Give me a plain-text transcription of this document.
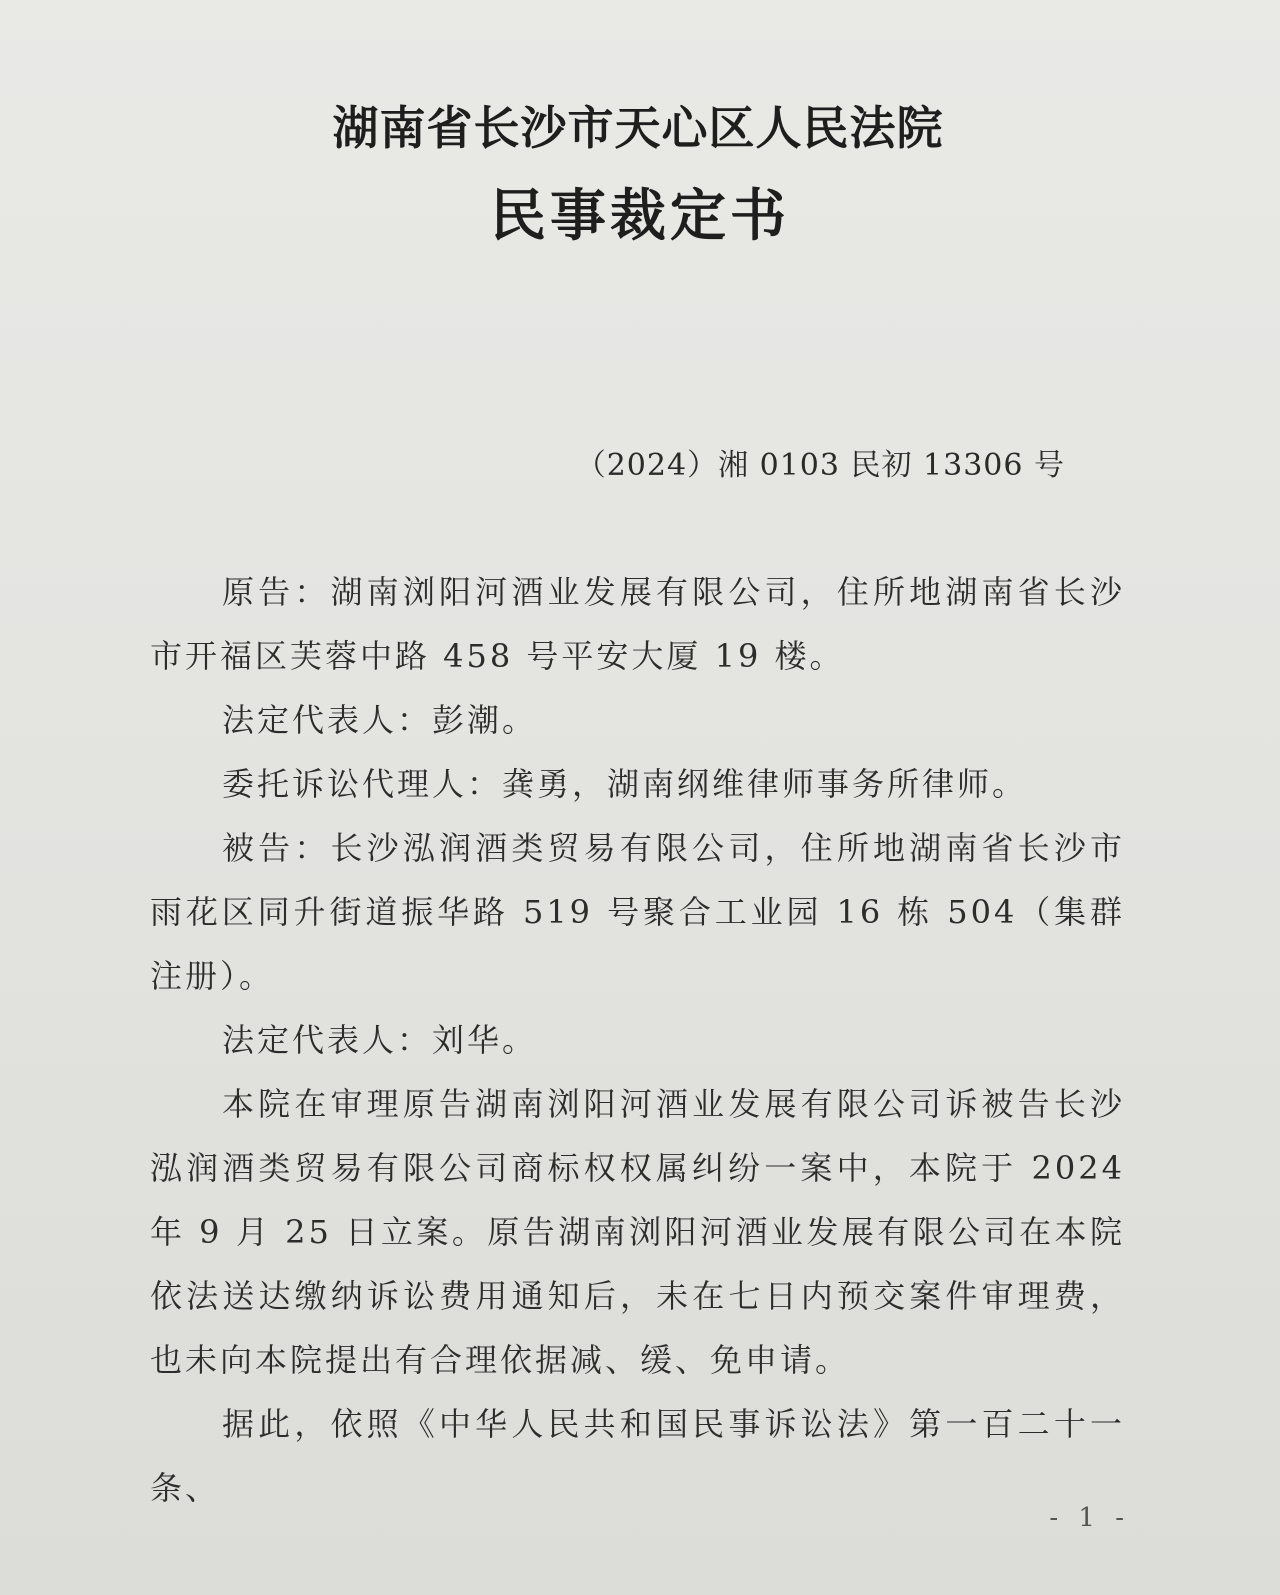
湖南省长沙市天心区人民法院
民事裁定书
（2024）湘 0103 民初 13306 号

原告：湖南浏阳河酒业发展有限公司，住所地湖南省长沙市开福区芙蓉中路 458 号平安大厦 19 楼。

法定代表人：彭潮。

委托诉讼代理人：龚勇，湖南纲维律师事务所律师。

被告：长沙泓润酒类贸易有限公司，住所地湖南省长沙市雨花区同升街道振华路 519 号聚合工业园 16 栋 504（集群注册）。

法定代表人：刘华。

本院在审理原告湖南浏阳河酒业发展有限公司诉被告长沙泓润酒类贸易有限公司商标权权属纠纷一案中，本院于 2024 年 9 月 25 日立案。原告湖南浏阳河酒业发展有限公司在本院依法送达缴纳诉讼费用通知后，未在七日内预交案件审理费，也未向本院提出有合理依据减、缓、免申请。

据此，依照《中华人民共和国民事诉讼法》第一百二十一条、

- 1 -
